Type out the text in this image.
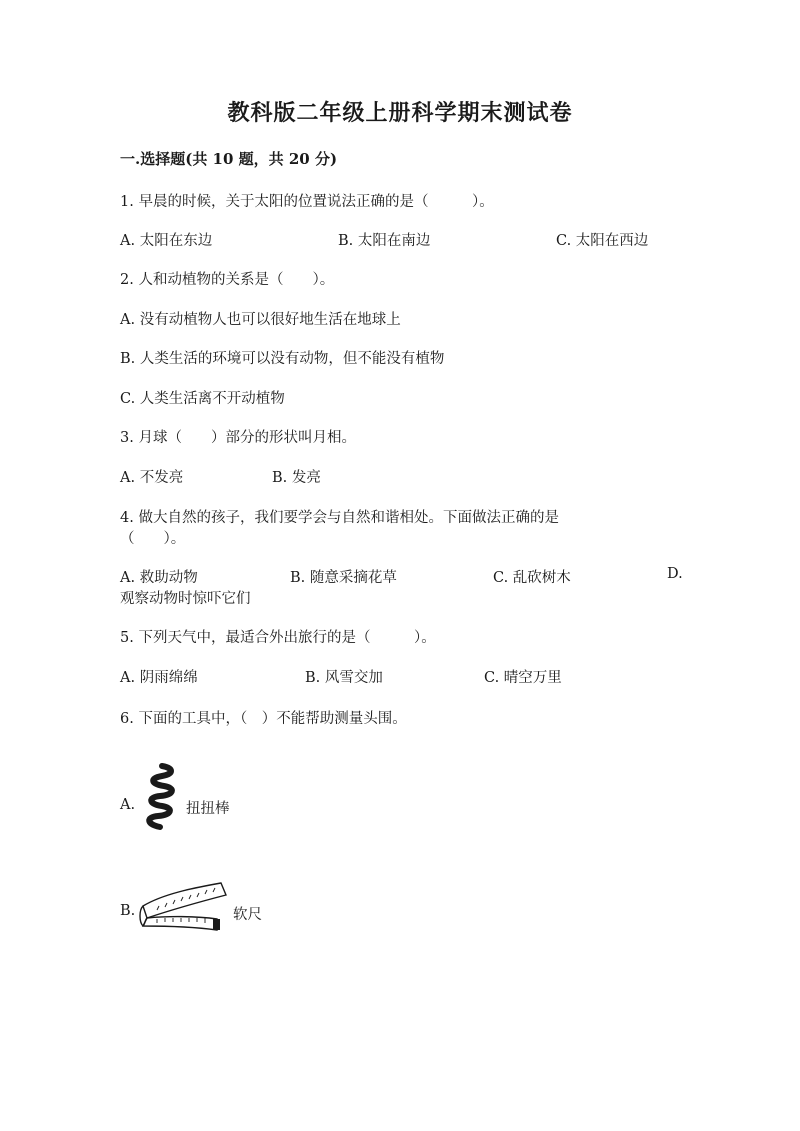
教科版二年级上册科学期末测试卷
一.选择题(共 10 题，共 20 分)
1. 早晨的时候，关于太阳的位置说法正确的是（　　　）。
A. 太阳在东边	B. 太阳在南边	C. 太阳在西边
2. 人和动植物的关系是（　　）。
A. 没有动植物人也可以很好地生活在地球上
B. 人类生活的环境可以没有动物，但不能没有植物
C. 人类生活离不开动植物
3. 月球（　　）部分的形状叫月相。
A. 不发亮	B. 发亮
4. 做大自然的孩子，我们要学会与自然和谐相处。下面做法正确的是
（　　）。
A. 救助动物	B. 随意采摘花草	C. 乱砍树木	D.
观察动物时惊吓它们
5. 下列天气中，最适合外出旅行的是（　　　）。
A. 阴雨绵绵	B. 风雪交加	C. 晴空万里
6. 下面的工具中，（　）不能帮助测量头围。
A.	扭扭棒
B.	软尺
